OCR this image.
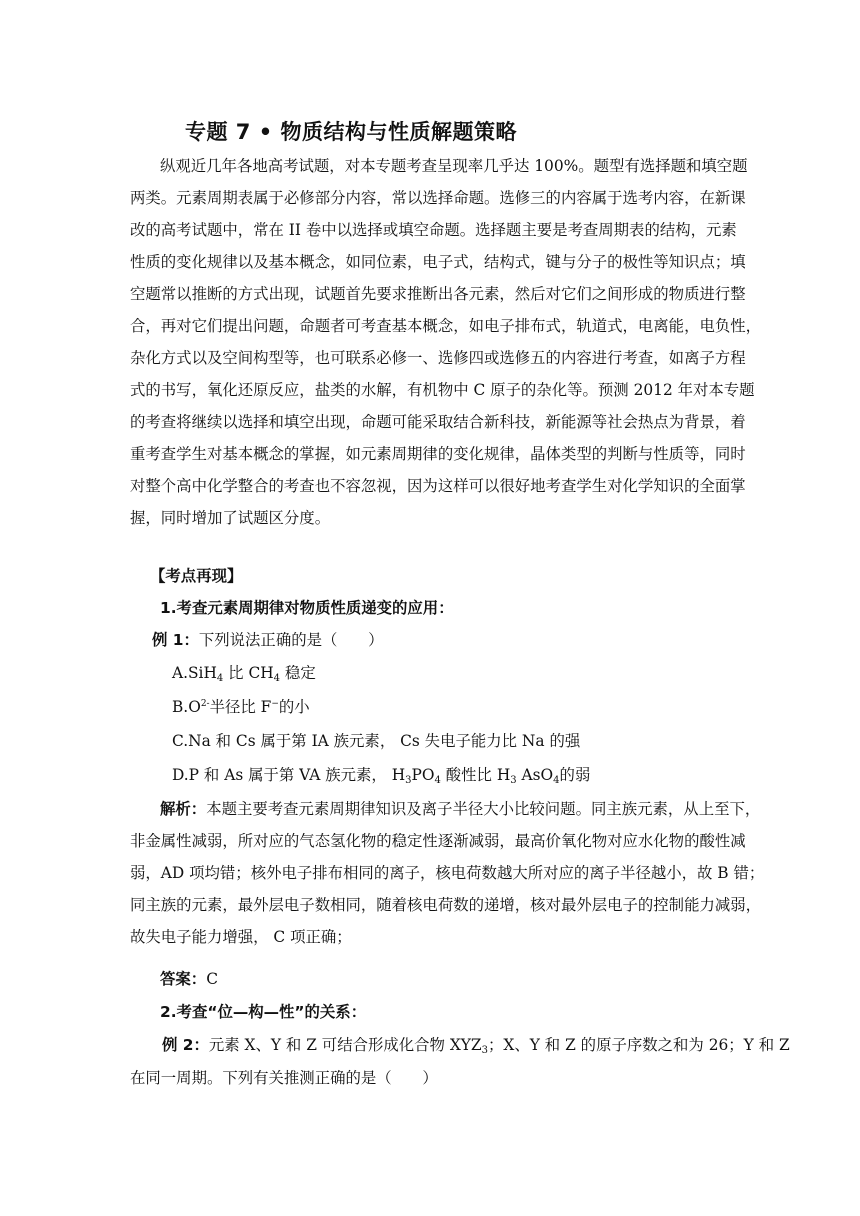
专题 7 • 物质结构与性质解题策略
纵观近几年各地高考试题，对本专题考查呈现率几乎达 100%。题型有选择题和填空题
两类。元素周期表属于必修部分内容，常以选择命题。选修三的内容属于选考内容，在新课
改的高考试题中，常在 II 卷中以选择或填空命题。选择题主要是考查周期表的结构，元素
性质的变化规律以及基本概念，如同位素，电子式，结构式，键与分子的极性等知识点；填
空题常以推断的方式出现，试题首先要求推断出各元素，然后对它们之间形成的物质进行整
合，再对它们提出问题，命题者可考查基本概念，如电子排布式，轨道式，电离能，电负性，
杂化方式以及空间构型等，也可联系必修一、选修四或选修五的内容进行考查，如离子方程
式的书写，氧化还原反应，盐类的水解，有机物中 C 原子的杂化等。预测 2012 年对本专题
的考查将继续以选择和填空出现，命题可能采取结合新科技，新能源等社会热点为背景，着
重考查学生对基本概念的掌握，如元素周期律的变化规律，晶体类型的判断与性质等，同时
对整个高中化学整合的考查也不容忽视，因为这样可以很好地考查学生对化学知识的全面掌
握，同时增加了试题区分度。
【考点再现】
1.考查元素周期律对物质性质递变的应用：
例 1：下列说法正确的是（　　）
A.SiH$_4$ 比 $CH_4$ 稳定
$B.O^{2-}$半径比 F−的小
C.Na 和 Cs 属于第 IA 族元素， Cs 失电子能力比 Na 的强
D.P 和 As 属于第 VA 族元素， $H_3PO_4$ 酸性比 $H_3$ AsO$_4$的弱
解析：本题主要考查元素周期律知识及离子半径大小比较问题。同主族元素，从上至下，
非金属性减弱，所对应的气态氢化物的稳定性逐渐减弱，最高价氧化物对应水化物的酸性减
弱，AD 项均错；核外电子排布相同的离子，核电荷数越大所对应的离子半径越小，故 B 错；
同主族的元素，最外层电子数相同，随着核电荷数的递增，核对最外层电子的控制能力减弱，
故失电子能力增强， C 项正确；
答案：C
2.考查“位—构—性”的关系：
例 2：元素 X、Y 和 Z 可结合形成化合物 $XYZ_3$；X、Y 和 Z 的原子序数之和为 26；Y 和 Z
在同一周期。下列有关推测正确的是（　　）
